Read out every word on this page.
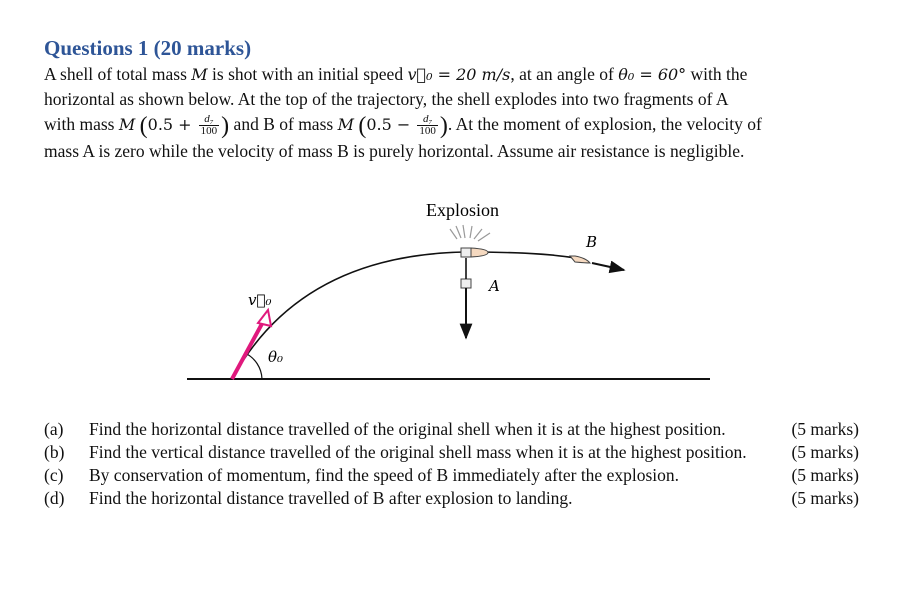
Questions 1 (20 marks)
A shell of total mass M is shot with an initial speed v⃗₀ = 20 m/s, at an angle of θ₀ = 60° with the
horizontal as shown below. At the top of the trajectory, the shell explodes into two fragments of A
with mass M ($0.5 + \frac{\text{d₇}}{100}$ ) and B of mass M ($0.5 - \frac{\text{d₇}}{100}$ ). At the moment of explosion, the velocity of
mass A is zero while the velocity of mass B is purely horizontal. Assume air resistance is negligible.
v⃗₀
θ₀
Explosion
A
B
(a) Find the horizontal distance travelled of the original shell when it is at the highest position.	(5 marks)
(b) Find the vertical distance travelled of the original shell mass when it is at the highest position.	(5 marks)
(c) By conservation of momentum, find the speed of B immediately after the explosion.	(5 marks)
(d) Find the horizontal distance travelled of B after explosion to landing.	(5 marks)
